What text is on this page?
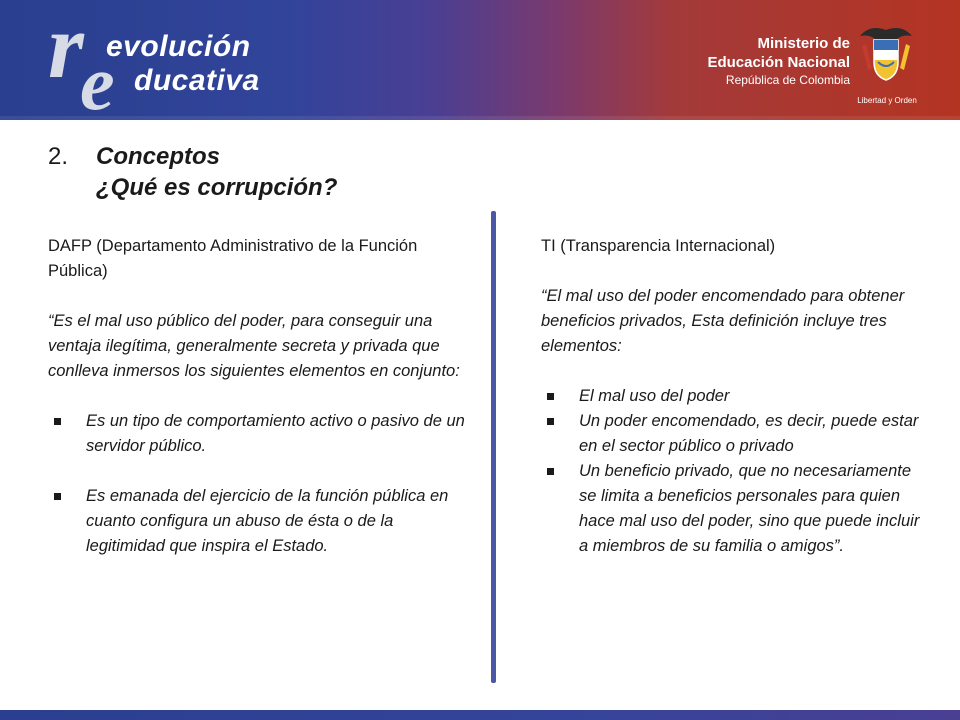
r
e
evolución
ducativa
Ministerio de
Educación Nacional
República de Colombia
Libertad y Orden
2. Conceptos
¿Qué es corrupción?
DAFP (Departamento Administrativo de la Función Pública)
“Es el mal uso público del poder, para conseguir una ventaja ilegítima, generalmente secreta y privada que conlleva inmersos los siguientes elementos en conjunto:
Es un tipo de comportamiento activo o pasivo de un servidor público.
Es emanada del ejercicio de la función pública en cuanto configura un abuso de ésta o de la legitimidad que inspira el Estado.
TI (Transparencia Internacional)
“El mal uso del poder encomendado para obtener beneficios privados, Esta definición incluye tres elementos:
El mal uso del poder
Un poder encomendado, es decir, puede estar en el sector público o privado
Un beneficio privado, que no necesariamente se limita a beneficios personales para quien hace mal uso del poder, sino que puede incluir a miembros de su familia o amigos”.
